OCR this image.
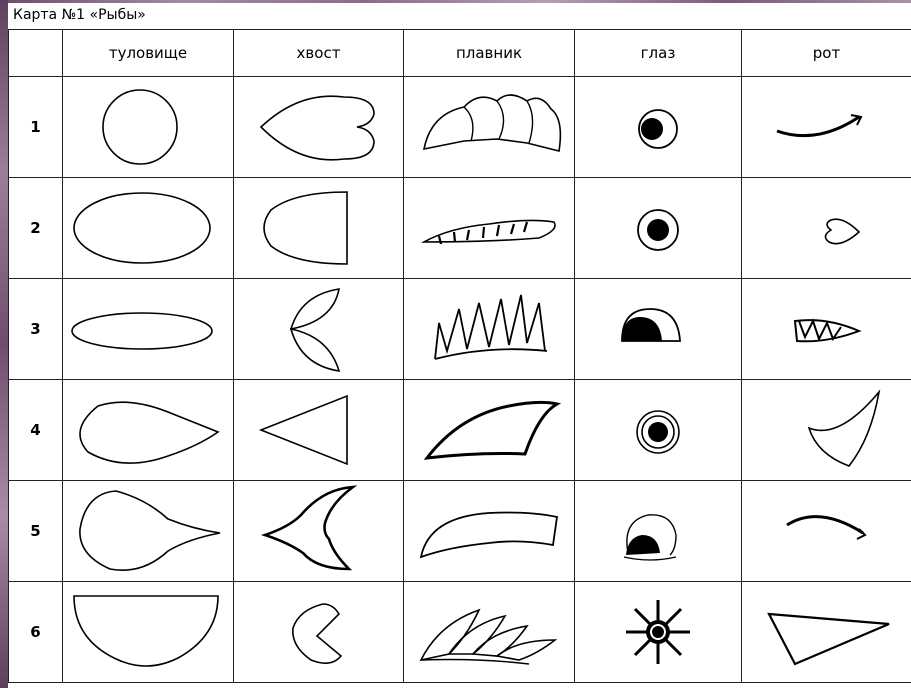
Карта №1 «Рыбы»
	туловище	хвост	плавник	глаз	рот
1	

2	

3	

4	

5	

6	
